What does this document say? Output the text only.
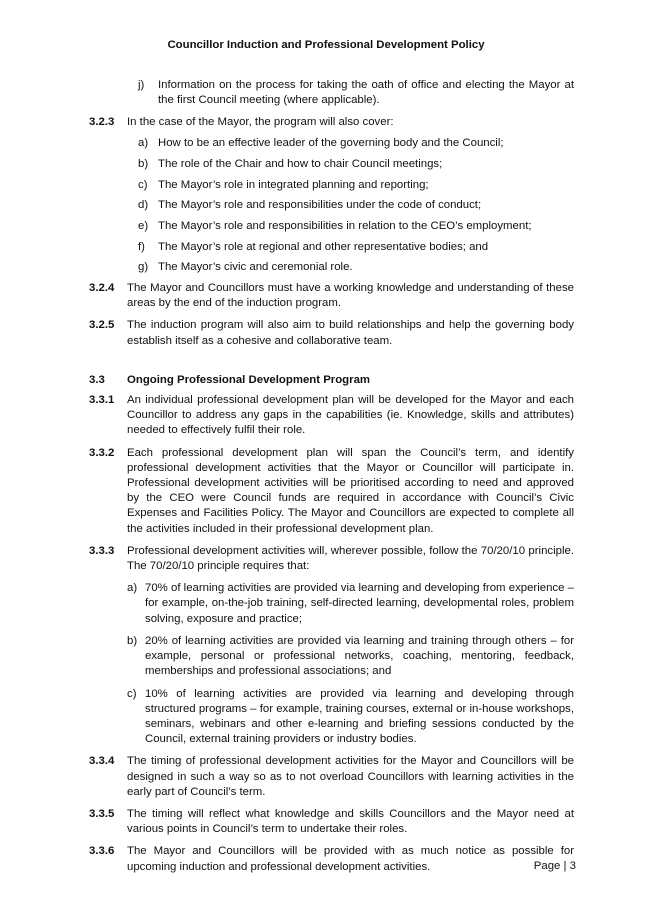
Councillor Induction and Professional Development Policy
j) Information on the process for taking the oath of office and electing the Mayor at the first Council meeting (where applicable).
3.2.3 In the case of the Mayor, the program will also cover:
a) How to be an effective leader of the governing body and the Council;
b) The role of the Chair and how to chair Council meetings;
c) The Mayor’s role in integrated planning and reporting;
d) The Mayor’s role and responsibilities under the code of conduct;
e) The Mayor’s role and responsibilities in relation to the CEO’s employment;
f) The Mayor’s role at regional and other representative bodies; and
g) The Mayor’s civic and ceremonial role.
3.2.4 The Mayor and Councillors must have a working knowledge and understanding of these areas by the end of the induction program.
3.2.5 The induction program will also aim to build relationships and help the governing body establish itself as a cohesive and collaborative team.
3.3 Ongoing Professional Development Program
3.3.1 An individual professional development plan will be developed for the Mayor and each Councillor to address any gaps in the capabilities (ie. Knowledge, skills and attributes) needed to effectively fulfil their role.
3.3.2 Each professional development plan will span the Council’s term, and identify professional development activities that the Mayor or Councillor will participate in. Professional development activities will be prioritised according to need and approved by the CEO were Council funds are required in accordance with Council’s Civic Expenses and Facilities Policy. The Mayor and Councillors are expected to complete all the activities included in their professional development plan.
3.3.3 Professional development activities will, wherever possible, follow the 70/20/10 principle. The 70/20/10 principle requires that:
a) 70% of learning activities are provided via learning and developing from experience – for example, on-the-job training, self-directed learning, developmental roles, problem solving, exposure and practice;
b) 20% of learning activities are provided via learning and training through others – for example, personal or professional networks, coaching, mentoring, feedback, memberships and professional associations; and
c) 10% of learning activities are provided via learning and developing through structured programs – for example, training courses, external or in-house workshops, seminars, webinars and other e-learning and briefing sessions conducted by the Council, external training providers or industry bodies.
3.3.4 The timing of professional development activities for the Mayor and Councillors will be designed in such a way so as to not overload Councillors with learning activities in the early part of Council’s term.
3.3.5 The timing will reflect what knowledge and skills Councillors and the Mayor need at various points in Council’s term to undertake their roles.
3.3.6 The Mayor and Councillors will be provided with as much notice as possible for upcoming induction and professional development activities.	Page | 3
